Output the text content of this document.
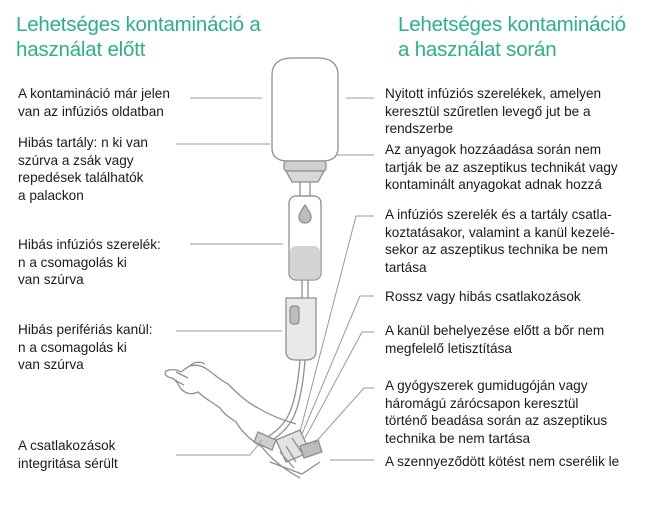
Lehetséges kontamináció a
használat előtt
Lehetséges kontamináció
a használat során
A kontamináció már jelen
van az infúziós oldatban
Hibás tartály: n ki van
szúrva a zsák vagy
repedések találhatók
a palackon
Hibás infúziós szerelék:
n a csomagolás ki
van szúrva
Hibás perifériás kanül:
n a csomagolás ki
van szúrva
A csatlakozások
integritása sérült
Nyitott infúziós szerelékek, amelyen
keresztül szűretlen levegő jut be a
rendszerbe
Az anyagok hozzáadása során nem
tartják be az aszeptikus technikát vagy
kontaminált anyagokat adnak hozzá
A infúziós szerelék és a tartály csatla-
koztatásakor, valamint a kanül kezelé-
sekor az aszeptikus technika be nem
tartása
Rossz vagy hibás csatlakozások
A kanül behelyezése előtt a bőr nem
megfelelő letisztítása
A gyógyszerek gumidugóján vagy
háromágú zárócsapon keresztül
történő beadása során az aszeptikus
technika be nem tartása
A szennyeződött kötést nem cserélik le
